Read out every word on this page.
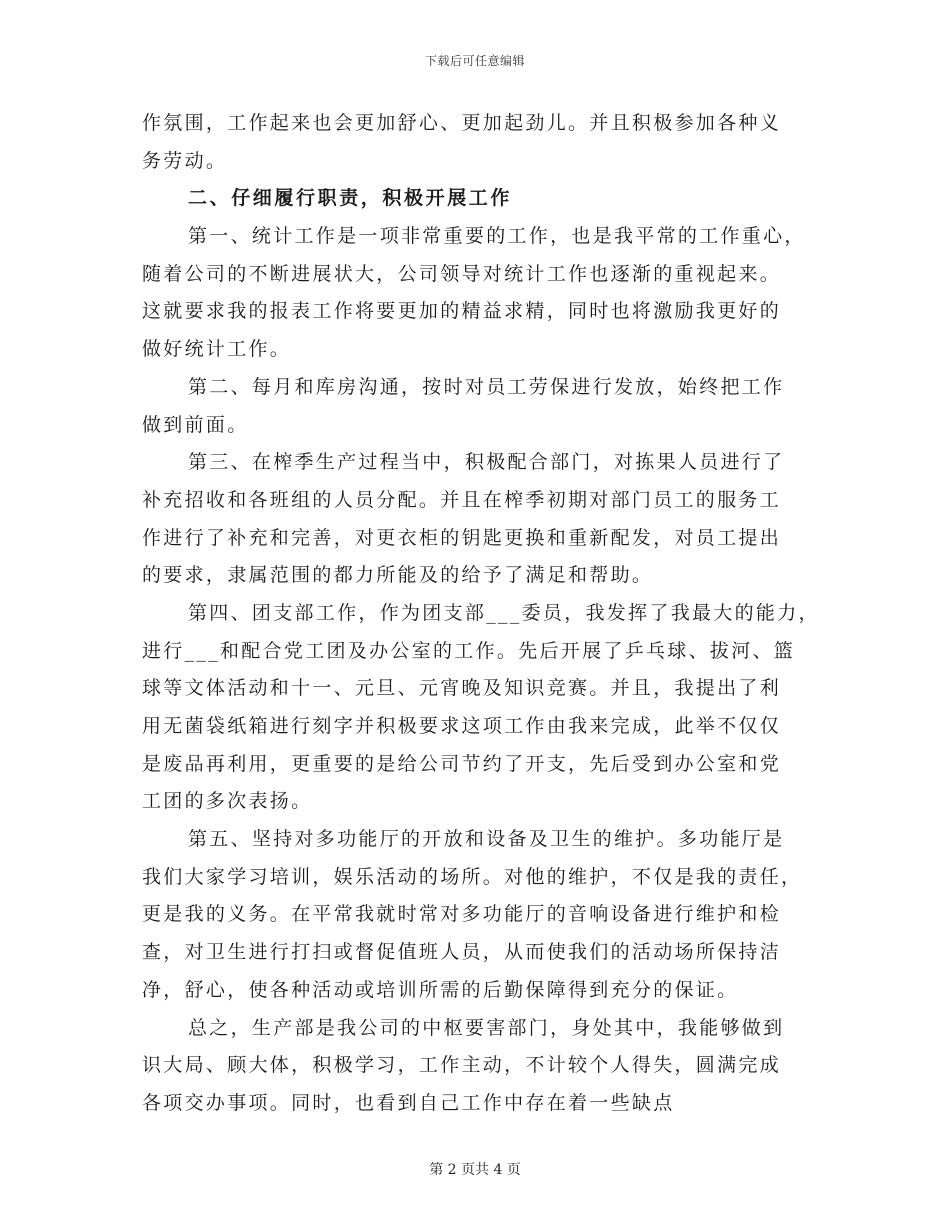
下载后可任意编辑
作氛围，工作起来也会更加舒心、更加起劲儿。并且积极参加各种义
务劳动。
二、仔细履行职责，积极开展工作
第一、统计工作是一项非常重要的工作，也是我平常的工作重心，
随着公司的不断进展状大，公司领导对统计工作也逐渐的重视起来。
这就要求我的报表工作将要更加的精益求精，同时也将激励我更好的
做好统计工作。
第二、每月和库房沟通，按时对员工劳保进行发放，始终把工作
做到前面。
第三、在榨季生产过程当中，积极配合部门，对拣果人员进行了
补充招收和各班组的人员分配。并且在榨季初期对部门员工的服务工
作进行了补充和完善，对更衣柜的钥匙更换和重新配发，对员工提出
的要求，隶属范围的都力所能及的给予了满足和帮助。
第四、团支部工作，作为团支部___委员，我发挥了我最大的能力，
进行___和配合党工团及办公室的工作。先后开展了乒乓球、拔河、篮
球等文体活动和十一、元旦、元宵晚及知识竞赛。并且，我提出了利
用无菌袋纸箱进行刻字并积极要求这项工作由我来完成，此举不仅仅
是废品再利用，更重要的是给公司节约了开支，先后受到办公室和党
工团的多次表扬。
第五、坚持对多功能厅的开放和设备及卫生的维护。多功能厅是
我们大家学习培训，娱乐活动的场所。对他的维护，不仅是我的责任，
更是我的义务。在平常我就时常对多功能厅的音响设备进行维护和检
查，对卫生进行打扫或督促值班人员，从而使我们的活动场所保持洁
净，舒心，使各种活动或培训所需的后勤保障得到充分的保证。
总之，生产部是我公司的中枢要害部门，身处其中，我能够做到
识大局、顾大体，积极学习，工作主动，不计较个人得失，圆满完成
各项交办事项。同时，也看到自己工作中存在着一些缺点
第 2 页共 4 页
